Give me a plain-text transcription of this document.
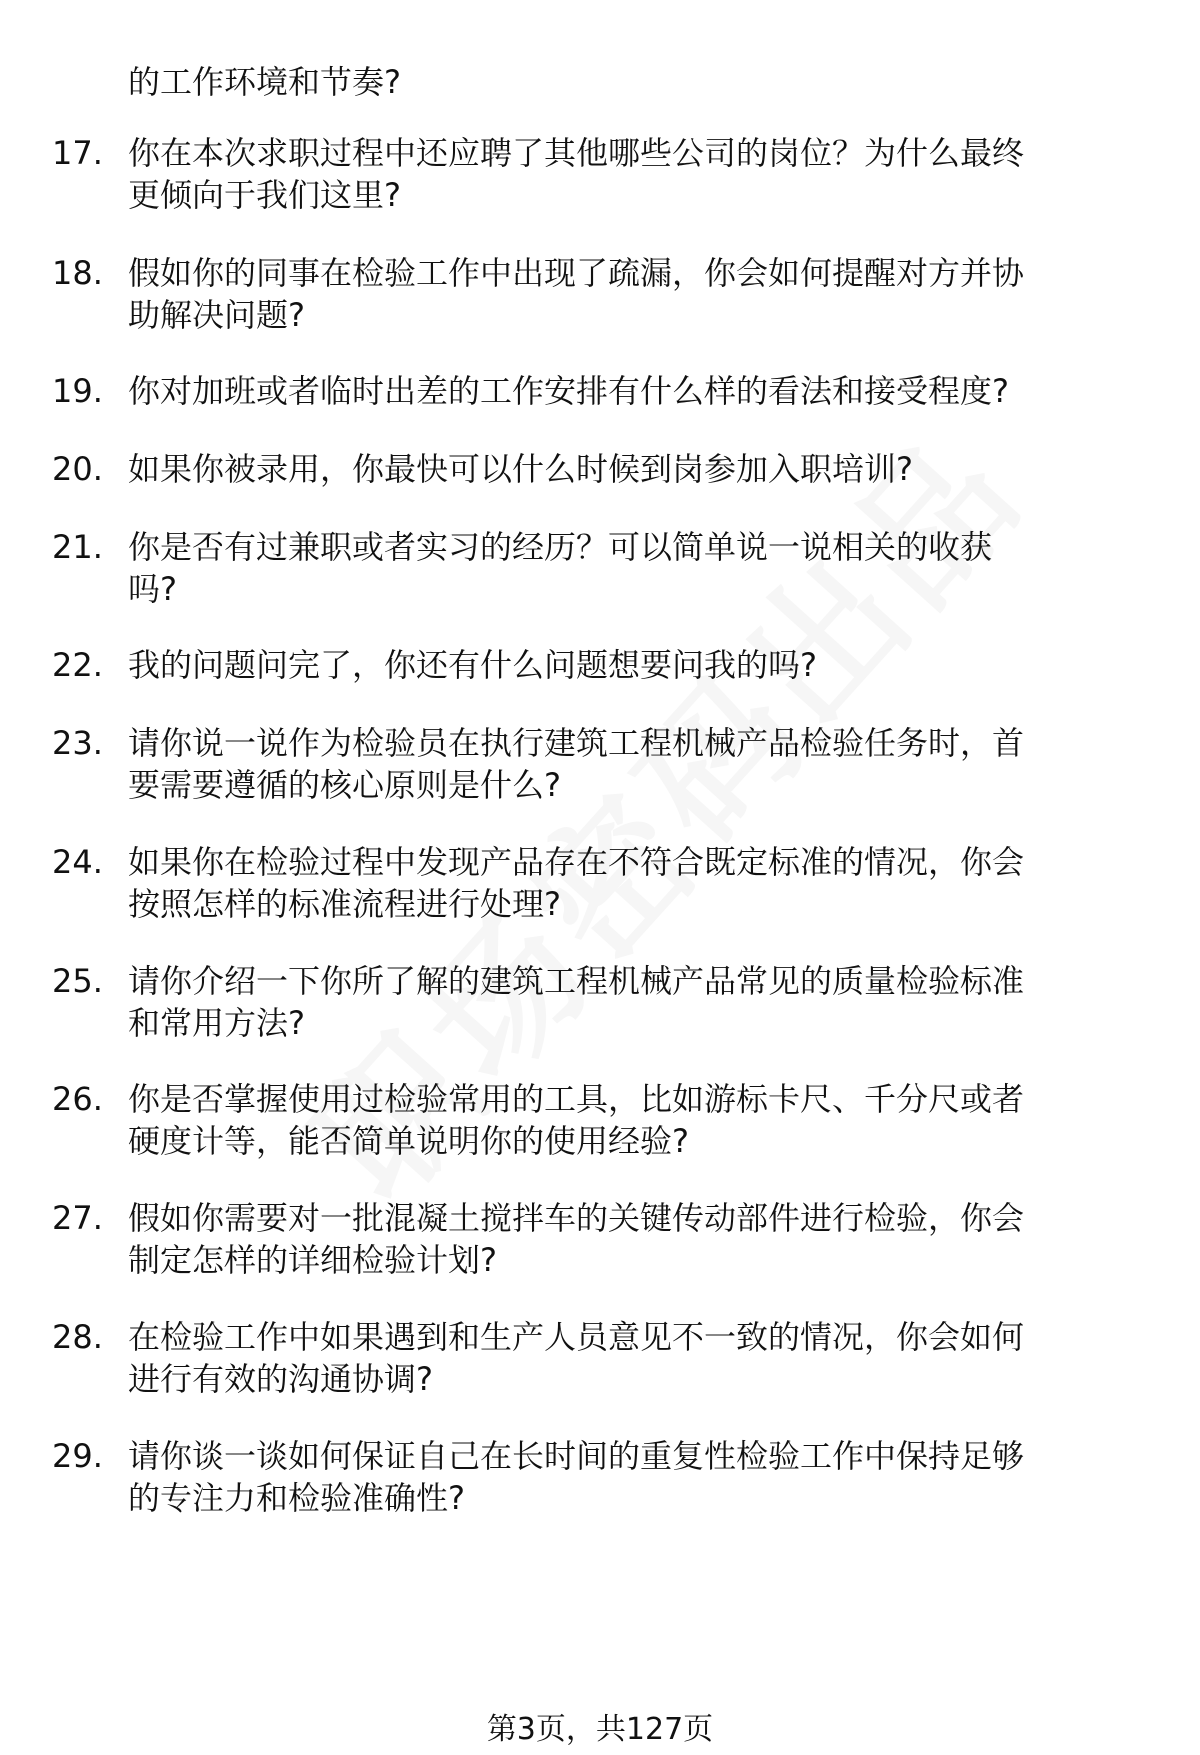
的工作环境和节奏?
17. 你在本次求职过程中还应聘了其他哪些公司的岗位？为什么最终
更倾向于我们这里?
18. 假如你的同事在检验工作中出现了疏漏，你会如何提醒对方并协
助解决问题?
19. 你对加班或者临时出差的工作安排有什么样的看法和接受程度?
20. 如果你被录用，你最快可以什么时候到岗参加入职培训?
21. 你是否有过兼职或者实习的经历？可以简单说一说相关的收获
吗?
22. 我的问题问完了，你还有什么问题想要问我的吗?
23. 请你说一说作为检验员在执行建筑工程机械产品检验任务时，首
要需要遵循的核心原则是什么?
24. 如果你在检验过程中发现产品存在不符合既定标准的情况，你会
按照怎样的标准流程进行处理?
25. 请你介绍一下你所了解的建筑工程机械产品常见的质量检验标准
和常用方法?
26. 你是否掌握使用过检验常用的工具，比如游标卡尺、千分尺或者
硬度计等，能否简单说明你的使用经验?
27. 假如你需要对一批混凝土搅拌车的关键传动部件进行检验，你会
制定怎样的详细检验计划?
28. 在检验工作中如果遇到和生产人员意见不一致的情况，你会如何
进行有效的沟通协调?
29. 请你谈一谈如何保证自己在长时间的重复性检验工作中保持足够
的专注力和检验准确性?
第3页，共127页
